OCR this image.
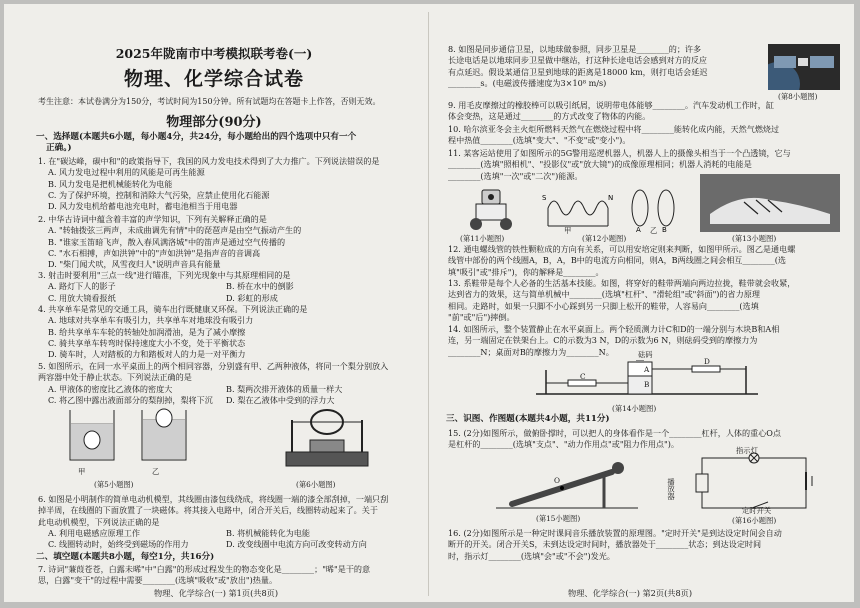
2025年陇南市中考模拟联考卷(一)
物理、化学综合试卷
考生注意：本试卷满分为150分，考试时间为150分钟。所有试题均在答题卡上作答，否则无效。
物理部分(90分)
一、选择题(本题共6小题，每小题4分，共24分，每小题给出的四个选项中只有一个
正确。)
1. 在"碳达峰，碳中和"的政策指导下，我国的风力发电技术得到了大力推广。下列说法错误的是
A. 风力发电过程中利用的风能是可再生能源
B. 风力发电是把机械能转化为电能
C. 为了保护环境，控制和消除大气污染，应禁止使用化石能源
D. 风力发电机给蓄电池充电时，蓄电池相当于用电器
2. 中华古诗词中蕴含着丰富的声学知识，下列有关解释正确的是
A. "转轴拨弦三两声，未成曲调先有情"中的琵琶声是由空气振动产生的
B. "谁家玉笛暗飞声，散入春风满洛城"中的笛声是通过空气传播的
C. "水石相搏，声如洪钟"中的"声如洪钟"是指声音的音调高
D. "柴门闻犬吠，风雪夜归人"说明声音具有能量
3. 射击时要利用"三点一线"进行瞄准，下列光现象中与其原理相同的是
A. 路灯下人的影子	B. 桥在水中的倒影
C. 用放大镜看报纸	D. 彩虹的形成
4. 共享单车是常见的交通工具，骑车出行既健康又环保。下列说法正确的是
A. 地球对共享单车有吸引力，共享单车对地球没有吸引力
B. 给共享单车车轮的转轴处加润滑油，是为了减小摩擦
C. 骑共享单车转弯时保持速度大小不变，处于平衡状态
D. 骑车时，人对踏板的力和踏板对人的力是一对平衡力
5. 如图所示，在同一水平桌面上的两个相同容器，分别盛有甲、乙两种液体，将同一个梨分别放入
两容器中处于静止状态。下列说法正确的是
A. 甲液体的密度比乙液体的密度大	B. 梨两次排开液体的质量一样大
C. 将乙图中露出液面部分的梨削掉，梨将下沉 D. 梨在乙液体中受到的浮力大
甲	乙
(第5小题图)	(第6小题图)
6. 如图是小明制作的简单电动机模型，其线圈由漆包线绕成，将线圈一端的漆全部刮掉，一端只刮
掉半周，在线圈的下面放置了一块磁体。将其接入电路中，闭合开关后，线圈转动起来了。关于
此电动机模型，下列说法正确的是
A. 利用电磁感应原理工作	B. 将机械能转化为电能
C. 线圈转动时，始终受到磁场的作用力	D. 改变线圈中电流方向可改变转动方向
二、填空题(本题共8小题，每空1分，共16分)
7. 诗词"蒹葭苍苍，白露未晞"中"白露"的形成过程发生的物态变化是________；"晞"是干的意
思，白露"变干"的过程中需要________(选填"吸收"或"放出")热量。
物理、化学综合(一) 第1页(共8页)
8. 如图是同步通信卫星，以地球做参照，同步卫星是________的；许多
长途电话是以地球同步卫星做中继站，打这种长途电话会感到对方的反应
有点延迟。假设某通信卫星到地球的距离是18000 km，则打电话会延迟
________s。(电磁波传播速度为3×10⁸ m/s)
(第8小题图)
9. 用毛皮摩擦过的橡胶棒可以吸引纸屑，说明带电体能够________。汽车发动机工作时，缸
体会变热，这是通过________的方式改变了物体的内能。
10. 哈尔滨亚冬会主火炬所燃料天然气在燃烧过程中将________能转化成内能，天然气燃烧过
程中热值________(选填"变大"、"不变"或"变小")。
11. 某客运站使用了如图所示的5G警用巡逻机器人，机器人上的摄像头相当于一个凸透镜，它与
________(选填"照相机"、"投影仪"或"放大镜")的成像原理相同；机器人消耗的电能是
________(选填"一次"或"二次")能源。
(第11小题图)
S	N
A	B
(第12小题图)
甲	乙
(第13小题图)
12. 通电螺线管的铁性颗粒成的方向有关系，可以用安培定则来判断，如图甲所示。图乙是通电螺
线管中部份的两个线圈A，B，A，B中的电流方向相同，则A，B两线圈之间会相互________(选
填"吸引"或"排斥")，你的解释是________。
13. 系鞋带是每个人必备的生活基本技能。如图，将穿好的鞋带两端向两边拉拢，鞋带就会收紧，
达到省力的效果，这与简单机械中________(选填"杠杆"、"滑轮组"或"斜面")的省力原理
相同。走路时，如果一只脚不小心踩到另一只脚上松开的鞋带，人容易向________(选填
"前"或"后")摔倒。
14. 如图所示，整个装置静止在水平桌面上。两个轻质测力计C和D的一端分别与木块B和A相
连，另一端固定在铁架台上。C的示数为3 N，D的示数为6 N，则砝码受到的摩擦力为
________N；桌面对B的摩擦力为________N。	砝码
A
B
C
D
(第14小题图)
三、识图、作图题(本题共4小题，共11分)
15. (2分)如图所示，做俯卧撑时，可以把人的身体看作是一个________杠杆，人体的重心O点
是杠杆的________(选填"支点"、"动力作用点"或"阻力作用点")。
O
(第15小题图)
指示灯
播放器
定时开关
(第16小题图)
16. (2分)如图所示是一种定时课间音乐播放装置的原理图。"定时开关"是到达设定时间会自动
断开的开关。闭合开关S，未到达设定时间时，播放器处于________状态；到达设定时间
时，指示灯________(选填"会"或"不会")发光。
物理、化学综合(一) 第2页(共8页)
